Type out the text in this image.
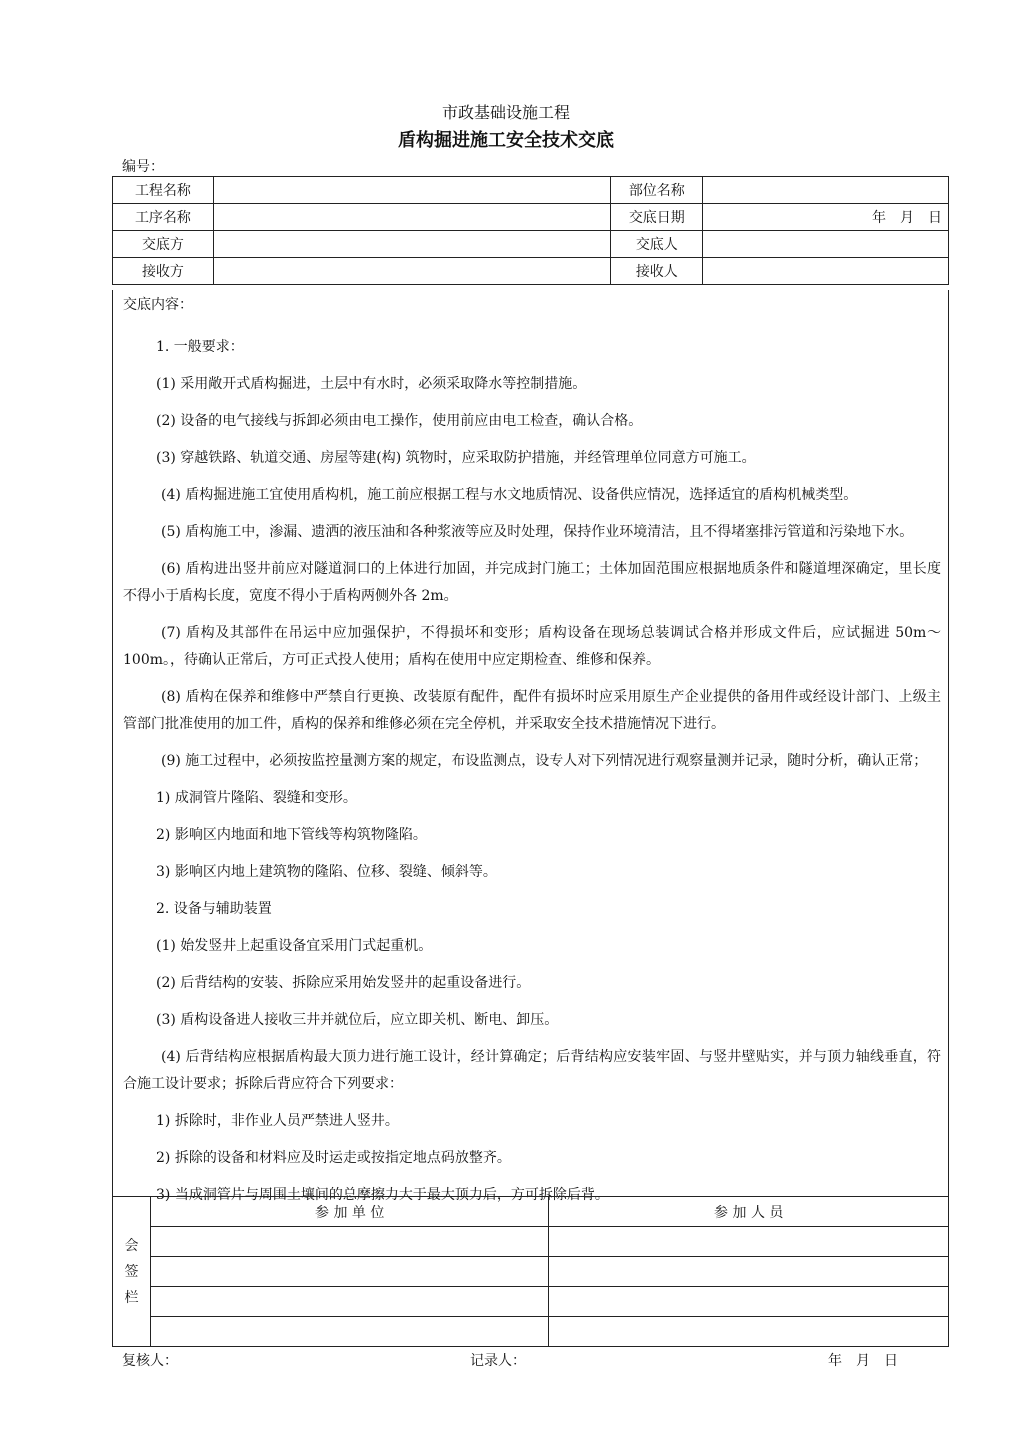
市政基础设施工程
盾构掘进施工安全技术交底
编号：
工程名称		部位名称	
工序名称		交底日期	年　月　日
交底方		交底人	
接收方		接收人	
交底内容：

1. 一般要求：

(1) 采用敞开式盾构掘进，土层中有水时，必须采取降水等控制措施。

(2) 设备的电气接线与拆卸必须由电工操作，使用前应由电工检查，确认合格。

(3) 穿越铁路、轨道交通、房屋等建(构) 筑物时，应采取防护措施，并经管理单位同意方可施工。

(4) 盾构掘进施工宜使用盾构机，施工前应根据工程与水文地质情况、设备供应情况，选择适宜的盾构机械类型。

(5) 盾构施工中，渗漏、遗洒的液压油和各种浆液等应及时处理，保持作业环境清洁，且不得堵塞排污管道和污染地下水。

(6) 盾构进出竖井前应对隧道洞口的上体进行加固，并完成封门施工；土体加固范围应根据地质条件和隧道埋深确定，里长度不得小于盾构长度，宽度不得小于盾构两侧外各 2m。

(7) 盾构及其部件在吊运中应加强保护，不得损坏和变形；盾构设备在现场总装调试合格并形成文件后，应试掘进 50m～100m。，待确认正常后，方可正式投人使用；盾构在使用中应定期检查、维修和保养。

(8) 盾构在保养和维修中严禁自行更换、改装原有配件，配件有损坏时应采用原生产企业提供的备用件或经设计部门、上级主管部门批准使用的加工件，盾构的保养和维修必须在完全停机，并采取安全技术措施情况下进行。

(9) 施工过程中，必须按监控量测方案的规定，布设监测点，设专人对下列情况进行观察量测并记录，随时分析，确认正常；

1) 成洞管片隆陷、裂缝和变形。

2) 影响区内地面和地下管线等构筑物隆陷。

3) 影响区内地上建筑物的隆陷、位移、裂缝、倾斜等。

2. 设备与辅助装置

(1) 始发竖井上起重设备宜采用门式起重机。

(2) 后背结构的安装、拆除应采用始发竖井的起重设备进行。

(3) 盾构设备进人接收三井并就位后，应立即关机、断电、卸压。

(4) 后背结构应根据盾构最大顶力进行施工设计，经计算确定；后背结构应安装牢固、与竖井壁贴实，并与顶力轴线垂直，符合施工设计要求；拆除后背应符合下列要求：

1) 拆除时，非作业人员严禁进人竖井。

2) 拆除的设备和材料应及时运走或按指定地点码放整齐。

3) 当成洞管片与周围土壤间的总摩擦力大于最大顶力后，方可拆除后背。

会
签
栏	参 加 单 位	参 加 人 员

复核人：	记录人：	年　月　日
